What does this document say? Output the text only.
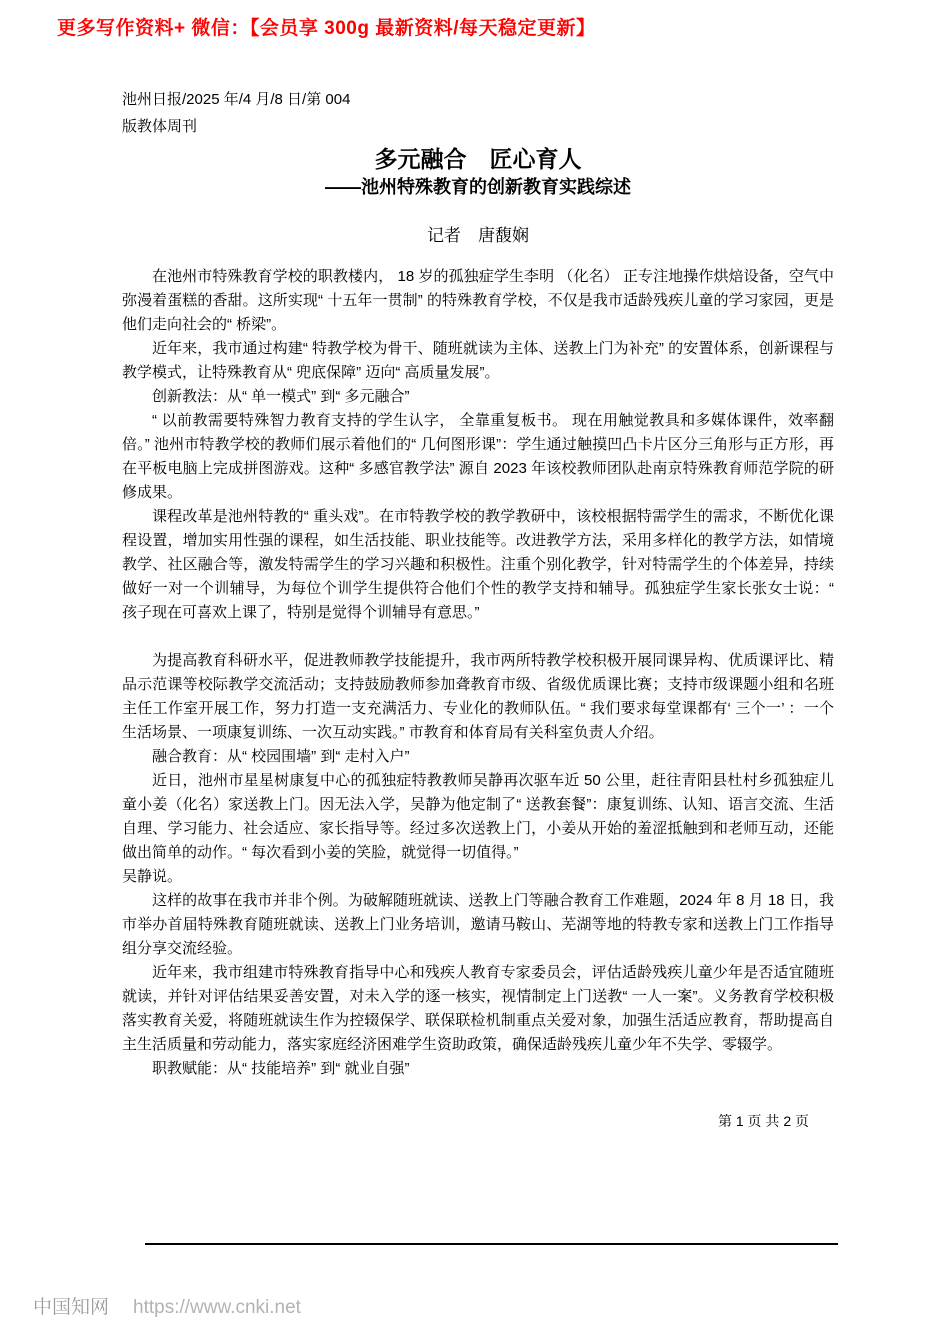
更多写作资料+ 微信：【会员享 300g 最新资料/每天稳定更新】
池州日报/2025 年/4 月/8 日/第 004
版教体周刊
多元融合　匠心育人
——池州特殊教育的创新教育实践综述
记者　唐馥娴

在池州市特殊教育学校的职教楼内， 18 岁的孤独症学生李明 （化名） 正专注地操作烘焙设备，空气中弥漫着蛋糕的香甜。这所实现“ 十五年一贯制” 的特殊教育学校，不仅是我市适龄残疾儿童的学习家园，更是他们走向社会的“ 桥梁”。

近年来，我市通过构建“ 特教学校为骨干、随班就读为主体、送教上门为补充” 的安置体系，创新课程与教学模式，让特殊教育从“ 兜底保障” 迈向“ 高质量发展”。

创新教法：从“ 单一模式” 到“ 多元融合”

“ 以前教需要特殊智力教育支持的学生认字， 全靠重复板书。 现在用触觉教具和多媒体课件，效率翻倍。” 池州市特教学校的教师们展示着他们的“ 几何图形课”：学生通过触摸凹凸卡片区分三角形与正方形，再在平板电脑上完成拼图游戏。这种“ 多感官教学法” 源自 2023 年该校教师团队赴南京特殊教育师范学院的研修成果。

课程改革是池州特教的“ 重头戏”。在市特教学校的教学教研中，该校根据特需学生的需求，不断优化课程设置，增加实用性强的课程，如生活技能、职业技能等。改进教学方法，采用多样化的教学方法，如情境教学、社区融合等，激发特需学生的学习兴趣和积极性。注重个别化教学，针对特需学生的个体差异，持续做好一对一个训辅导，为每位个训学生提供符合他们个性的教学支持和辅导。孤独症学生家长张女士说：“ 孩子现在可喜欢上课了，特别是觉得个训辅导有意思。”

为提高教育科研水平，促进教师教学技能提升，我市两所特教学校积极开展同课异构、优质课评比、精品示范课等校际教学交流活动；支持鼓励教师参加聋教育市级、省级优质课比赛；支持市级课题小组和名班主任工作室开展工作，努力打造一支充满活力、专业化的教师队伍。“ 我们要求每堂课都有‘ 三个一’ ：一个生活场景、一项康复训练、一次互动实践。” 市教育和体育局有关科室负责人介绍。

融合教育：从“ 校园围墙” 到“ 走村入户”

近日，池州市星星树康复中心的孤独症特教教师吴静再次驱车近 50 公里，赶往青阳县杜村乡孤独症儿童小姜（化名）家送教上门。因无法入学，吴静为他定制了“ 送教套餐”：康复训练、认知、语言交流、生活自理、学习能力、社会适应、家长指导等。经过多次送教上门，小姜从开始的羞涩抵触到和老师互动，还能做出简单的动作。“ 每次看到小姜的笑脸，就觉得一切值得。”

吴静说。

这样的故事在我市并非个例。为破解随班就读、送教上门等融合教育工作难题，2024 年 8 月 18 日，我市举办首届特殊教育随班就读、送教上门业务培训，邀请马鞍山、芜湖等地的特教专家和送教上门工作指导组分享交流经验。

近年来，我市组建市特殊教育指导中心和残疾人教育专家委员会，评估适龄残疾儿童少年是否适宜随班就读，并针对评估结果妥善安置，对未入学的逐一核实，视情制定上门送教“ 一人一案”。义务教育学校积极落实教育关爱，将随班就读生作为控辍保学、联保联检机制重点关爱对象，加强生活适应教育，帮助提高自主生活质量和劳动能力，落实家庭经济困难学生资助政策，确保适龄残疾儿童少年不失学、零辍学。

职教赋能：从“ 技能培养” 到“ 就业自强”

第 1 页 共 2 页
中国知网 https://www.cnki.net
